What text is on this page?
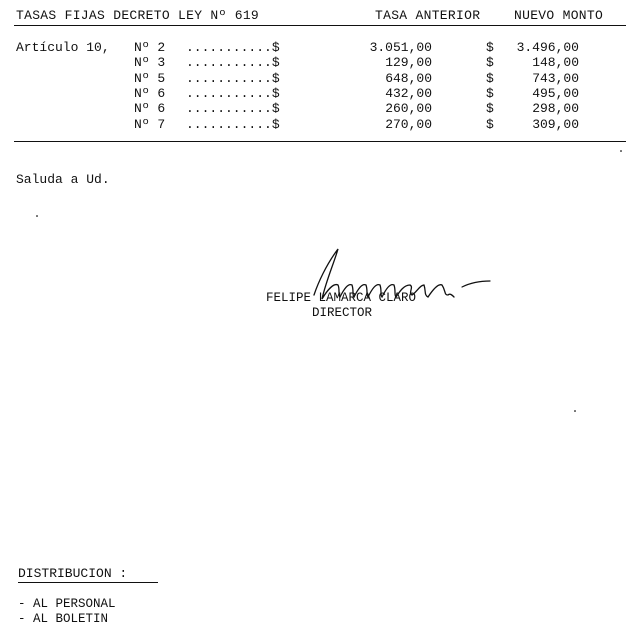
TASAS FIJAS DECRETO LEY Nº 619	TASA ANTERIOR	NUEVO MONTO
Artículo 10, Nº 2 ...........$	3.051,00	$	3.496,00
Nº 3 ...........$	129,00	$	148,00
Nº 5 ...........$	648,00	$	743,00
Nº 6 ...........$	432,00	$	495,00
Nº 6 ...........$	260,00	$	298,00
Nº 7 ...........$	270,00	$	309,00
Saluda a Ud.

FELIPE LAMARCA CLARO
DIRECTOR
DISTRIBUCION :
- AL PERSONAL
- AL BOLETIN
